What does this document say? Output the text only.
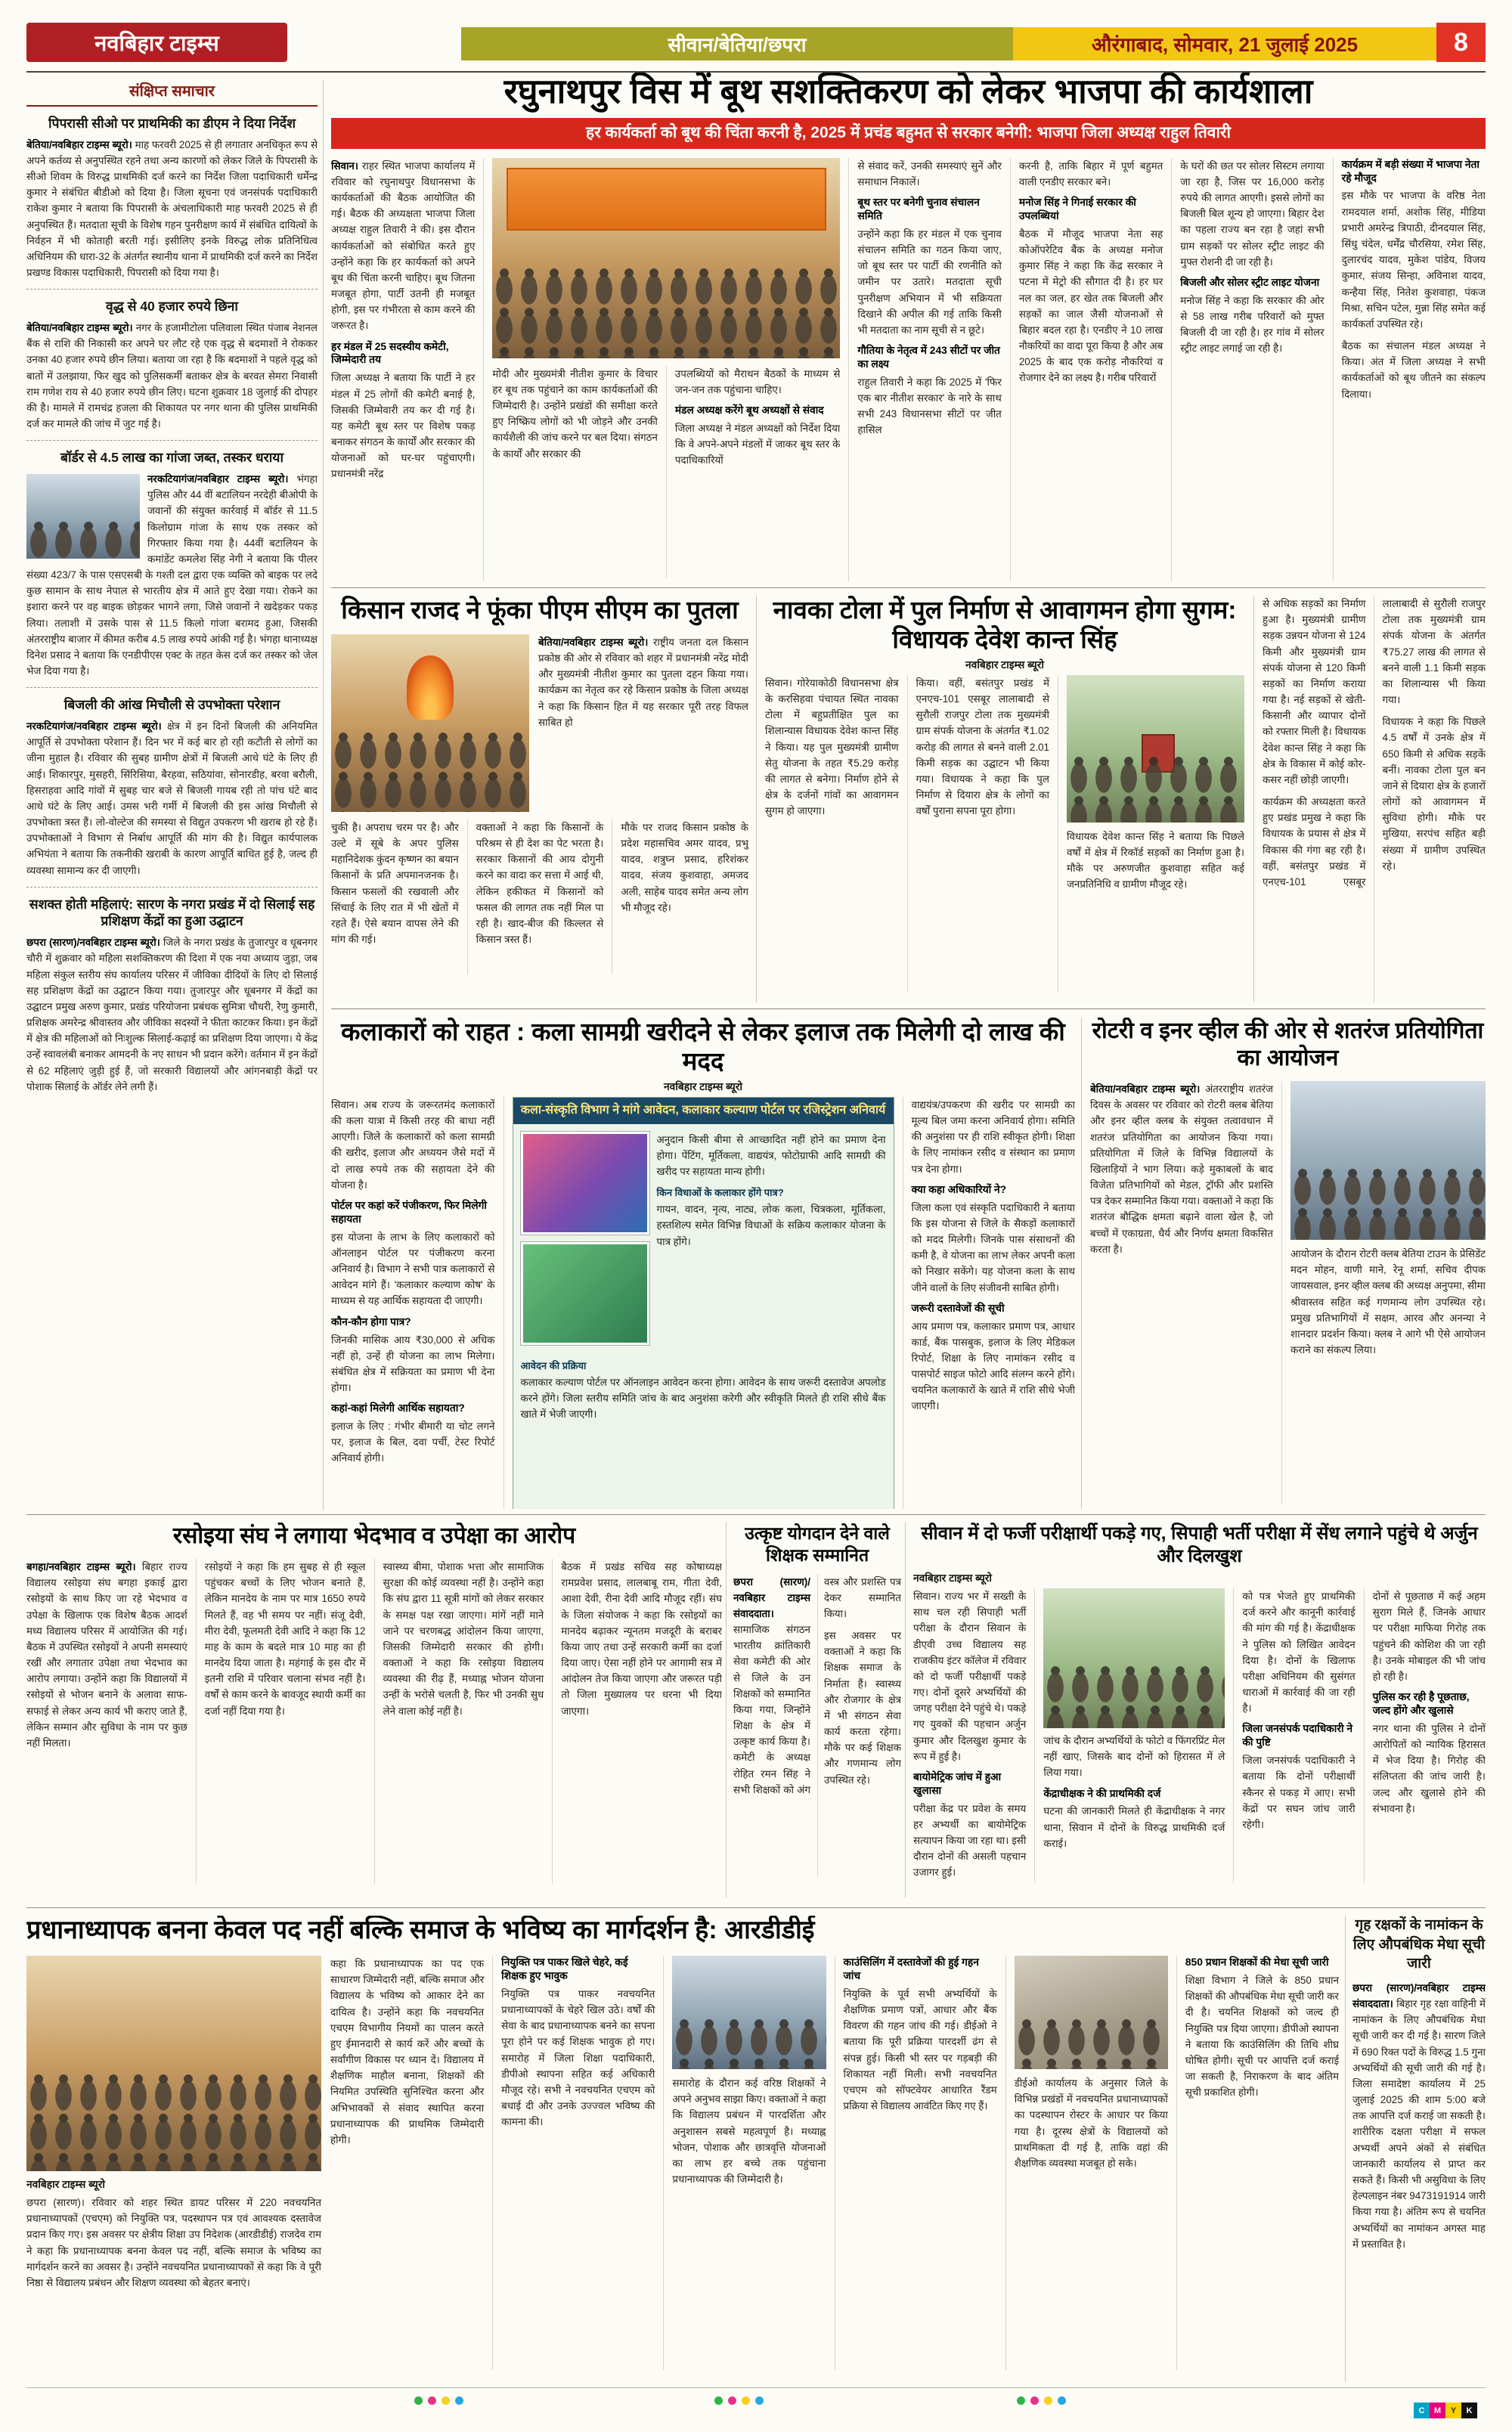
नवबिहार टाइम्स	सीवान/बेतिया/छपरा	औरंगाबाद, सोमवार, 21 जुलाई 2025	8
संक्षिप्त समाचार
पिपरासी सीओ पर प्राथमिकी का डीएम ने दिया निर्देश

बेतिया/नवबिहार टाइम्स ब्यूरो। माह फरवरी 2025 से ही लगातार अनधिकृत रूप से अपने कर्तव्य से अनुपस्थित रहने तथा अन्य कारणों को लेकर जिले के पिपरासी के सीओ शिवम के विरुद्ध प्राथमिकी दर्ज करने का निर्देश जिला पदाधिकारी धर्मेन्द्र कुमार ने संबंधित बीडीओ को दिया है। जिला सूचना एवं जनसंपर्क पदाधिकारी राकेश कुमार ने बताया कि पिपरासी के अंचलाधिकारी माह फरवरी 2025 से ही अनुपस्थित हैं। मतदाता सूची के विशेष गहन पुनरीक्षण कार्य में संबंधित दायित्वों के निर्वहन में भी कोताही बरती गई। इसीलिए इनके विरुद्ध लोक प्रतिनिधित्व अधिनियम की धारा-32 के अंतर्गत स्थानीय थाना में प्राथमिकी दर्ज करने का निर्देश प्रखण्ड विकास पदाधिकारी, पिपरासी को दिया गया है।

वृद्ध से 40 हजार रुपये छिना

बेतिया/नवबिहार टाइम्स ब्यूरो। नगर के हजामीटोला पलिवाला स्थित पंजाब नेशनल बैंक से राशि की निकासी कर अपने घर लौट रहे एक वृद्ध से बदमाशों ने रोककर उनका 40 हजार रुपये छीन लिया। बताया जा रहा है कि बदमाशों ने पहले वृद्ध को बातों में उलझाया, फिर खुद को पुलिसकर्मी बताकर क्षेत्र के बरवत सेमरा निवासी राम गणेश राय से 40 हजार रुपये छीन लिए। घटना शुक्रवार 18 जुलाई की दोपहर की है। मामले में रामचंद्र हजला की शिकायत पर नगर थाना की पुलिस प्राथमिकी दर्ज कर मामले की जांच में जुट गई है।

बॉर्डर से 4.5 लाख का गांजा जब्त, तस्कर धराया

नरकटियागंज/नवबिहार टाइम्स ब्यूरो। भंगहा पुलिस और 44 वीं बटालियन नरदेही बीओपी के जवानों की संयुक्त कार्रवाई में बॉर्डर से 11.5 किलोग्राम गांजा के साथ एक तस्कर को गिरफ्तार किया गया है। 44वीं बटालियन के कमांडेंट कमलेश सिंह नेगी ने बताया कि पीलर संख्या 423/7 के पास एसएसबी के गश्ती दल द्वारा एक व्यक्ति को बाइक पर लदे कुछ सामान के साथ नेपाल से भारतीय क्षेत्र में आते हुए देखा गया। रोकने का इशारा करने पर वह बाइक छोड़कर भागने लगा, जिसे जवानों ने खदेड़कर पकड़ लिया। तलाशी में उसके पास से 11.5 किलो गांजा बरामद हुआ, जिसकी अंतरराष्ट्रीय बाजार में कीमत करीब 4.5 लाख रुपये आंकी गई है। भंगहा थानाध्यक्ष दिनेश प्रसाद ने बताया कि एनडीपीएस एक्ट के तहत केस दर्ज कर तस्कर को जेल भेज दिया गया है।

बिजली की आंख मिचौली से उपभोक्ता परेशान

नरकटियागंज/नवबिहार टाइम्स ब्यूरो। क्षेत्र में इन दिनों बिजली की अनियमित आपूर्ति से उपभोक्ता परेशान हैं। दिन भर में कई बार हो रही कटौती से लोगों का जीना मुहाल है। रविवार की सुबह ग्रामीण क्षेत्रों में बिजली आधे घंटे के लिए ही आई। शिकारपुर, मुसहरी, सिंरिसिया, बैरहवा, सठियांवा, सोनारडीह, बरवा बरौली, हिसराहवा आदि गांवों में सुबह चार बजे से बिजली गायब रही तो पांच घंटे बाद आधे घंटे के लिए आई। उमस भरी गर्मी में बिजली की इस आंख मिचौली से उपभोक्ता त्रस्त हैं। लो-वोल्टेज की समस्या से विद्युत उपकरण भी खराब हो रहे हैं। उपभोक्ताओं ने विभाग से निर्बाध आपूर्ति की मांग की है। विद्युत कार्यपालक अभियंता ने बताया कि तकनीकी खराबी के कारण आपूर्ति बाधित हुई है, जल्द ही व्यवस्था सामान्य कर दी जाएगी।

सशक्त होती महिलाएं: सारण के नगरा प्रखंड में दो सिलाई सह प्रशिक्षण केंद्रों का हुआ उद्घाटन

छपरा (सारण)/नवबिहार टाइम्स ब्यूरो। जिले के नगरा प्रखंड के तुजारपुर व धूबनगर चौरी में शुक्रवार को महिला सशक्तिकरण की दिशा में एक नया अध्याय जुड़ा, जब महिला संकुल स्तरीय संघ कार्यालय परिसर में जीविका दीदियों के लिए दो सिलाई सह प्रशिक्षण केंद्रों का उद्घाटन किया गया। तुजारपुर और धूबनगर में केंद्रों का उद्घाटन प्रमुख अरुण कुमार, प्रखंड परियोजना प्रबंधक सुमित्रा चौधरी, रेणु कुमारी, प्रशिक्षक अमरेन्द्र श्रीवास्तव और जीविका सदस्यों ने फीता काटकर किया। इन केंद्रों में क्षेत्र की महिलाओं को निःशुल्क सिलाई-कढ़ाई का प्रशिक्षण दिया जाएगा। ये केंद्र उन्हें स्वावलंबी बनाकर आमदनी के नए साधन भी प्रदान करेंगे। वर्तमान में इन केंद्रों से 62 महिलाएं जुड़ी हुई हैं, जो सरकारी विद्यालयों और आंगनबाड़ी केंद्रों पर पोशाक सिलाई के ऑर्डर लेने लगी हैं।

रघुनाथपुर विस में बूथ सशक्तिकरण को लेकर भाजपा की कार्यशाला
हर कार्यकर्ता को बूथ की चिंता करनी है, 2025 में प्रचंड बहुमत से सरकार बनेगी: भाजपा जिला अध्यक्ष राहुल तिवारी

सिवान। राहर स्थित भाजपा कार्यालय में रविवार को रघुनाथपुर विधानसभा के कार्यकर्ताओं की बैठक आयोजित की गई। बैठक की अध्यक्षता भाजपा जिला अध्यक्ष राहुल तिवारी ने की। इस दौरान कार्यकर्ताओं को संबोधित करते हुए उन्होंने कहा कि हर कार्यकर्ता को अपने बूथ की चिंता करनी चाहिए। बूथ जितना मजबूत होगा, पार्टी उतनी ही मजबूत होगी, इस पर गंभीरता से काम करने की जरूरत है।

हर मंडल में 25 सदस्यीय कमेटी, जिम्मेदारी तय

जिला अध्यक्ष ने बताया कि पार्टी ने हर मंडल में 25 लोगों की कमेटी बनाई है, जिसकी जिम्मेवारी तय कर दी गई है। यह कमेटी बूथ स्तर पर विशेष पकड़ बनाकर संगठन के कार्यों और सरकार की योजनाओं को घर-घर पहुंचाएगी। प्रधानमंत्री नरेंद्र

मोदी और मुख्यमंत्री नीतीश कुमार के विचार हर बूथ तक पहुंचाने का काम कार्यकर्ताओं की जिम्मेदारी है। उन्होंने प्रखंडों की समीक्षा करते हुए निष्क्रिय लोगों को भी जोड़ने और उनकी कार्यशैली की जांच करने पर बल दिया। संगठन के कार्यों और सरकार की

उपलब्धियों को मैराथन बैठकों के माध्यम से जन-जन तक पहुंचाना चाहिए।

मंडल अध्यक्ष करेंगे बूथ अध्यक्षों से संवाद

जिला अध्यक्ष ने मंडल अध्यक्षों को निर्देश दिया कि वे अपने-अपने मंडलों में जाकर बूथ स्तर के पदाधिकारियों

से संवाद करें, उनकी समस्याएं सुनें और समाधान निकालें।

बूथ स्तर पर बनेगी चुनाव संचालन समिति

उन्होंने कहा कि हर मंडल में एक चुनाव संचालन समिति का गठन किया जाए, जो बूथ स्तर पर पार्टी की रणनीति को जमीन पर उतारे। मतदाता सूची पुनरीक्षण अभियान में भी सक्रियता दिखाने की अपील की गई ताकि किसी भी मतदाता का नाम सूची से न छूटे।

गौतिया के नेतृत्व में 243 सीटों पर जीत का लक्ष्य

राहुल तिवारी ने कहा कि 2025 में 'फिर एक बार नीतीश सरकार' के नारे के साथ सभी 243 विधानसभा सीटों पर जीत हासिल

करनी है, ताकि बिहार में पूर्ण बहुमत वाली एनडीए सरकार बने।

मनोज सिंह ने गिनाई सरकार की उपलब्धियां

बैठक में मौजूद भाजपा नेता सह कोऑपरेटिव बैंक के अध्यक्ष मनोज कुमार सिंह ने कहा कि केंद्र सरकार ने पटना में मेट्रो की सौगात दी है। हर घर नल का जल, हर खेत तक बिजली और सड़कों का जाल जैसी योजनाओं से बिहार बदल रहा है। एनडीए ने 10 लाख नौकरियों का वादा पूरा किया है और अब 2025 के बाद एक करोड़ नौकरियां व रोजगार देने का लक्ष्य है। गरीब परिवारों

के घरों की छत पर सोलर सिस्टम लगाया जा रहा है, जिस पर 16,000 करोड़ रुपये की लागत आएगी। इससे लोगों का बिजली बिल शून्य हो जाएगा। बिहार देश का पहला राज्य बन रहा है जहां सभी ग्राम सड़कों पर सोलर स्ट्रीट लाइट की मुफ्त रोशनी दी जा रही है।

बिजली और सोलर स्ट्रीट लाइट योजना

मनोज सिंह ने कहा कि सरकार की ओर से 58 लाख गरीब परिवारों को मुफ्त बिजली दी जा रही है। हर गांव में सोलर स्ट्रीट लाइट लगाई जा रही है।

कार्यक्रम में बड़ी संख्या में भाजपा नेता रहे मौजूद

इस मौके पर भाजपा के वरिष्ठ नेता रामदयाल शर्मा, अशोक सिंह, मीडिया प्रभारी अमरेन्द्र त्रिपाठी, दीनदयाल सिंह, सिंधु चंदेल, धर्मेंद्र चौरसिया, रमेश सिंह, दुलारचंद यादव, मुकेश पांडेय, विजय कुमार, संजय सिन्हा, अविनाश यादव, कन्हैया सिंह, नितेश कुशवाहा, पंकज मिश्रा, सचिन पटेल, मुन्ना सिंह समेत कई कार्यकर्ता उपस्थित रहे।

बैठक का संचालन मंडल अध्यक्ष ने किया। अंत में जिला अध्यक्ष ने सभी कार्यकर्ताओं को बूथ जीतने का संकल्प दिलाया।

किसान राजद ने फूंका पीएम सीएम का पुतला

बेतिया/नवबिहार टाइम्स ब्यूरो। राष्ट्रीय जनता दल किसान प्रकोष्ठ की ओर से रविवार को शहर में प्रधानमंत्री नरेंद्र मोदी और मुख्यमंत्री नीतीश कुमार का पुतला दहन किया गया। कार्यक्रम का नेतृत्व कर रहे किसान प्रकोष्ठ के जिला अध्यक्ष ने कहा कि किसान हित में यह सरकार पूरी तरह विफल साबित हो

चुकी है। अपराध चरम पर है। और उल्टे में सूबे के अपर पुलिस महानिदेशक कुंदन कृष्णन का बयान किसानों के प्रति अपमानजनक है। किसान फसलों की रखवाली और सिंचाई के लिए रात में भी खेतों में रहते हैं। ऐसे बयान वापस लेने की मांग की गई।

वक्ताओं ने कहा कि किसानों के परिश्रम से ही देश का पेट भरता है। सरकार किसानों की आय दोगुनी करने का वादा कर सत्ता में आई थी, लेकिन हकीकत में किसानों को फसल की लागत तक नहीं मिल पा रही है। खाद-बीज की किल्लत से किसान त्रस्त हैं।

मौके पर राजद किसान प्रकोष्ठ के प्रदेश महासचिव अमर यादव, प्रभु यादव, शत्रुघ्न प्रसाद, हरिशंकर यादव, संजय कुशवाहा, अमजद अली, साहेब यादव समेत अन्य लोग भी मौजूद रहे।

नावका टोला में पुल निर्माण से आवागमन होगा सुगम: विधायक देवेश कान्त सिंह

नवबिहार टाइम्स ब्यूरो

सिवान। गोरेयाकोठी विधानसभा क्षेत्र के करसिहवा पंचायत स्थित नावका टोला में बहुप्रतीक्षित पुल का शिलान्यास विधायक देवेश कान्त सिंह ने किया। यह पुल मुख्यमंत्री ग्रामीण सेतु योजना के तहत ₹5.29 करोड़ की लागत से बनेगा। निर्माण होने से क्षेत्र के दर्जनों गांवों का आवागमन सुगम हो जाएगा।

किया। वहीं, बसंतपुर प्रखंड में एनएच-101 एसबूर लालाबादी से सुरौली राजपुर टोला तक मुख्यमंत्री ग्राम संपर्क योजना के अंतर्गत ₹1.02 करोड़ की लागत से बनने वाली 2.01 किमी सड़क का उद्घाटन भी किया गया। विधायक ने कहा कि पुल निर्माण से दियारा क्षेत्र के लोगों का वर्षों पुराना सपना पूरा होगा।

विधायक देवेश कान्त सिंह ने बताया कि पिछले वर्षों में क्षेत्र में रिकॉर्ड सड़कों का निर्माण हुआ है। मौके पर अरुणजीत कुशवाहा सहित कई जनप्रतिनिधि व ग्रामीण मौजूद रहे।

से अधिक सड़कों का निर्माण हुआ है। मुख्यमंत्री ग्रामीण सड़क उन्नयन योजना से 124 किमी और मुख्यमंत्री ग्राम संपर्क योजना से 120 किमी सड़कों का निर्माण कराया गया है। नई सड़कों से खेती-किसानी और व्यापार दोनों को रफ्तार मिली है। विधायक देवेश कान्त सिंह ने कहा कि क्षेत्र के विकास में कोई कोर-कसर नहीं छोड़ी जाएगी।

कार्यक्रम की अध्यक्षता करते हुए प्रखंड प्रमुख ने कहा कि विधायक के प्रयास से क्षेत्र में विकास की गंगा बह रही है। वहीं, बसंतपुर प्रखंड में एनएच-101 एसबूर लालाबादी से सुरौली राजपुर टोला तक मुख्यमंत्री ग्राम संपर्क योजना के अंतर्गत ₹75.27 लाख की लागत से बनने वाली 1.1 किमी सड़क का शिलान्यास भी किया गया।

विधायक ने कहा कि पिछले 4.5 वर्षों में उनके क्षेत्र में 650 किमी से अधिक सड़कें बनीं। नावका टोला पुल बन जाने से दियारा क्षेत्र के हजारों लोगों को आवागमन में सुविधा होगी। मौके पर मुखिया, सरपंच सहित बड़ी संख्या में ग्रामीण उपस्थित रहे।

कलाकारों को राहत : कला सामग्री खरीदने से लेकर इलाज तक मिलेगी दो लाख की मदद

नवबिहार टाइम्स ब्यूरो

सिवान। अब राज्य के जरूरतमंद कलाकारों की कला यात्रा में किसी तरह की बाधा नहीं आएगी। जिले के कलाकारों को कला सामग्री की खरीद, इलाज और अध्ययन जैसे मदों में दो लाख रुपये तक की सहायता देने की योजना है।

पोर्टल पर कहां करें पंजीकरण, फिर मिलेगी सहायता

इस योजना के लाभ के लिए कलाकारों को ऑनलाइन पोर्टल पर पंजीकरण करना अनिवार्य है। विभाग ने सभी पात्र कलाकारों से आवेदन मांगे हैं। 'कलाकार कल्याण कोष' के माध्यम से यह आर्थिक सहायता दी जाएगी।

कौन-कौन होगा पात्र?

जिनकी मासिक आय ₹30,000 से अधिक नहीं हो, उन्हें ही योजना का लाभ मिलेगा। संबंधित क्षेत्र में सक्रियता का प्रमाण भी देना होगा।

कहां-कहां मिलेगी आर्थिक सहायता?

इलाज के लिए : गंभीर बीमारी या चोट लगने पर, इलाज के बिल, दवा पर्ची, टेस्ट रिपोर्ट अनिवार्य होगी।

कला-संस्कृति विभाग ने मांगे आवेदन, कलाकार कल्याण पोर्टल पर रजिस्ट्रेशन अनिवार्य

अनुदान किसी बीमा से आच्छादित नहीं होने का प्रमाण देना होगा। पेंटिंग, मूर्तिकला, वाद्ययंत्र, फोटोग्राफी आदि सामग्री की खरीद पर सहायता मान्य होगी।

किन विधाओं के कलाकार होंगे पात्र?

गायन, वादन, नृत्य, नाट्य, लोक कला, चित्रकला, मूर्तिकला, हस्तशिल्प समेत विभिन्न विधाओं के सक्रिय कलाकार योजना के पात्र होंगे।

आवेदन की प्रक्रिया

कलाकार कल्याण पोर्टल पर ऑनलाइन आवेदन करना होगा। आवेदन के साथ जरूरी दस्तावेज अपलोड करने होंगे। जिला स्तरीय समिति जांच के बाद अनुशंसा करेगी और स्वीकृति मिलते ही राशि सीधे बैंक खाते में भेजी जाएगी।

वाद्ययंत्र/उपकरण की खरीद पर सामग्री का मूल्य बिल जमा करना अनिवार्य होगा। समिति की अनुशंसा पर ही राशि स्वीकृत होगी। शिक्षा के लिए नामांकन रसीद व संस्थान का प्रमाण पत्र देना होगा।

क्या कहा अधिकारियों ने?

जिला कला एवं संस्कृति पदाधिकारी ने बताया कि इस योजना से जिले के सैकड़ों कलाकारों को मदद मिलेगी। जिनके पास संसाधनों की कमी है, वे योजना का लाभ लेकर अपनी कला को निखार सकेंगे। यह योजना कला के साथ जीने वालों के लिए संजीवनी साबित होगी।

जरूरी दस्तावेजों की सूची

आय प्रमाण पत्र, कलाकार प्रमाण पत्र, आधार कार्ड, बैंक पासबुक, इलाज के लिए मेडिकल रिपोर्ट, शिक्षा के लिए नामांकन रसीद व पासपोर्ट साइज फोटो आदि संलग्न करने होंगे। चयनित कलाकारों के खाते में राशि सीधे भेजी जाएगी।

रोटरी व इनर व्हील की ओर से शतरंज प्रतियोगिता का आयोजन

बेतिया/नवबिहार टाइम्स ब्यूरो। अंतरराष्ट्रीय शतरंज दिवस के अवसर पर रविवार को रोटरी क्लब बेतिया और इनर व्हील क्लब के संयुक्त तत्वावधान में शतरंज प्रतियोगिता का आयोजन किया गया। प्रतियोगिता में जिले के विभिन्न विद्यालयों के खिलाड़ियों ने भाग लिया। कड़े मुकाबलों के बाद विजेता प्रतिभागियों को मेडल, ट्रॉफी और प्रशस्ति पत्र देकर सम्मानित किया गया। वक्ताओं ने कहा कि शतरंज बौद्धिक क्षमता बढ़ाने वाला खेल है, जो बच्चों में एकाग्रता, धैर्य और निर्णय क्षमता विकसित करता है।	आयोजन के दौरान रोटरी क्लब बेतिया टाउन के प्रेसिडेंट मदन मोहन, वाणी माने, रेनू शर्मा, सचिव दीपक जायसवाल, इनर व्हील क्लब की अध्यक्ष अनुपमा, सीमा श्रीवास्तव सहित कई गणमान्य लोग उपस्थित रहे। प्रमुख प्रतिभागियों में सक्षम, आरव और अनन्या ने शानदार प्रदर्शन किया। क्लब ने आगे भी ऐसे आयोजन कराने का संकल्प लिया।

रसोइया संघ ने लगाया भेदभाव व उपेक्षा का आरोप

बगहा/नवबिहार टाइम्स ब्यूरो। बिहार राज्य विद्यालय रसोइया संघ बगहा इकाई द्वारा रसोइयों के साथ किए जा रहे भेदभाव व उपेक्षा के खिलाफ एक विशेष बैठक आदर्श मध्य विद्यालय परिसर में आयोजित की गई। बैठक में उपस्थित रसोइयों ने अपनी समस्याएं रखीं और लगातार उपेक्षा तथा भेदभाव का आरोप लगाया। उन्होंने कहा कि विद्यालयों में रसोइयों से भोजन बनाने के अलावा साफ-सफाई से लेकर अन्य कार्य भी कराए जाते हैं, लेकिन सम्मान और सुविधा के नाम पर कुछ नहीं मिलता।

रसोइयों ने कहा कि हम सुबह से ही स्कूल पहुंचकर बच्चों के लिए भोजन बनाते हैं, लेकिन मानदेय के नाम पर मात्र 1650 रुपये मिलते हैं, वह भी समय पर नहीं। संजू देवी, मीरा देवी, फूलमती देवी आदि ने कहा कि 12 माह के काम के बदले मात्र 10 माह का ही मानदेय दिया जाता है। महंगाई के इस दौर में इतनी राशि में परिवार चलाना संभव नहीं है। वर्षों से काम करने के बावजूद स्थायी कर्मी का दर्जा नहीं दिया गया है।

स्वास्थ्य बीमा, पोशाक भत्ता और सामाजिक सुरक्षा की कोई व्यवस्था नहीं है। उन्होंने कहा कि संघ द्वारा 11 सूत्री मांगों को लेकर सरकार के समक्ष पक्ष रखा जाएगा। मांगें नहीं माने जाने पर चरणबद्ध आंदोलन किया जाएगा, जिसकी जिम्मेदारी सरकार की होगी। वक्ताओं ने कहा कि रसोइया विद्यालय व्यवस्था की रीढ़ हैं, मध्याह्न भोजन योजना उन्हीं के भरोसे चलती है, फिर भी उनकी सुध लेने वाला कोई नहीं है।

बैठक में प्रखंड सचिव सह कोषाध्यक्ष रामप्रवेश प्रसाद, लालबाबू राम, गीता देवी, आशा देवी, रीना देवी आदि मौजूद रहीं। संघ के जिला संयोजक ने कहा कि रसोइयों का मानदेय बढ़ाकर न्यूनतम मजदूरी के बराबर किया जाए तथा उन्हें सरकारी कर्मी का दर्जा दिया जाए। ऐसा नहीं होने पर आगामी सत्र में आंदोलन तेज किया जाएगा और जरूरत पड़ी तो जिला मुख्यालय पर धरना भी दिया जाएगा।

उत्कृष्ट योगदान देने वाले शिक्षक सम्मानित

छपरा (सारण)/नवबिहार टाइम्स संवाददाता। सामाजिक संगठन भारतीय क्रांतिकारी सेवा कमेटी की ओर से जिले के उन शिक्षकों को सम्मानित किया गया, जिन्होंने शिक्षा के क्षेत्र में उत्कृष्ट कार्य किया है। कमेटी के अध्यक्ष रोहित रमन सिंह ने सभी शिक्षकों को अंग वस्त्र और प्रशस्ति पत्र देकर सम्मानित किया।

इस अवसर पर वक्ताओं ने कहा कि शिक्षक समाज के निर्माता हैं। स्वास्थ्य और रोजगार के क्षेत्र में भी संगठन सेवा कार्य करता रहेगा। मौके पर कई शिक्षक और गणमान्य लोग उपस्थित रहे।

सीवान में दो फर्जी परीक्षार्थी पकड़े गए, सिपाही भर्ती परीक्षा में सेंध लगाने पहुंचे थे अर्जुन और दिलखुश

नवबिहार टाइम्स ब्यूरो

सिवान। राज्य भर में सख्ती के साथ चल रही सिपाही भर्ती परीक्षा के दौरान सिवान के डीएवी उच्च विद्यालय सह राजकीय इंटर कॉलेज में रविवार को दो फर्जी परीक्षार्थी पकड़े गए। दोनों दूसरे अभ्यर्थियों की जगह परीक्षा देने पहुंचे थे। पकड़े गए युवकों की पहचान अर्जुन कुमार और दिलखुश कुमार के रूप में हुई है।

बायोमेट्रिक जांच में हुआ खुलासा

परीक्षा केंद्र पर प्रवेश के समय हर अभ्यर्थी का बायोमेट्रिक सत्यापन किया जा रहा था। इसी दौरान दोनों की असली पहचान उजागर हुई।

जांच के दौरान अभ्यर्थियों के फोटो व फिंगरप्रिंट मेल नहीं खाए, जिसके बाद दोनों को हिरासत में ले लिया गया।

केंद्राधीक्षक ने की प्राथमिकी दर्ज

घटना की जानकारी मिलते ही केंद्राधीक्षक ने नगर थाना, सिवान में दोनों के विरुद्ध प्राथमिकी दर्ज कराई।

को पत्र भेजते हुए प्राथमिकी दर्ज करने और कानूनी कार्रवाई की मांग की गई है। केंद्राधीक्षक ने पुलिस को लिखित आवेदन दिया है। दोनों के खिलाफ परीक्षा अधिनियम की सुसंगत धाराओं में कार्रवाई की जा रही है।

जिला जनसंपर्क पदाधिकारी ने की पुष्टि

जिला जनसंपर्क पदाधिकारी ने बताया कि दोनों परीक्षार्थी स्कैनर से पकड़ में आए। सभी केंद्रों पर सघन जांच जारी रहेगी।

दोनों से पूछताछ में कई अहम सुराग मिले हैं, जिनके आधार पर परीक्षा माफिया गिरोह तक पहुंचने की कोशिश की जा रही है। उनके मोबाइल की भी जांच हो रही है।

पुलिस कर रही है पूछताछ, जल्द होंगे और खुलासे

नगर थाना की पुलिस ने दोनों आरोपितों को न्यायिक हिरासत में भेज दिया है। गिरोह की संलिप्तता की जांच जारी है। जल्द और खुलासे होने की संभावना है।

प्रधानाध्यापक बनना केवल पद नहीं बल्कि समाज के भविष्य का मार्गदर्शन है: आरडीडीई

नवबिहार टाइम्स ब्यूरो

छपरा (सारण)। रविवार को शहर स्थित डायट परिसर में 220 नवचयनित प्रधानाध्यापकों (एचएम) को नियुक्ति पत्र, पदस्थापन पत्र एवं आवश्यक दस्तावेज प्रदान किए गए। इस अवसर पर क्षेत्रीय शिक्षा उप निदेशक (आरडीडीई) राजदेव राम ने कहा कि प्रधानाध्यापक बनना केवल पद नहीं, बल्कि समाज के भविष्य का मार्गदर्शन करने का अवसर है। उन्होंने नवचयनित प्रधानाध्यापकों से कहा कि वे पूरी निष्ठा से विद्यालय प्रबंधन और शिक्षण व्यवस्था को बेहतर बनाएं।

कहा कि प्रधानाध्यापक का पद एक साधारण जिम्मेदारी नहीं, बल्कि समाज और विद्यालय के भविष्य को आकार देने का दायित्व है। उन्होंने कहा कि नवचयनित एचएम विभागीय नियमों का पालन करते हुए ईमानदारी से कार्य करें और बच्चों के सर्वांगीण विकास पर ध्यान दें। विद्यालय में शैक्षणिक माहौल बनाना, शिक्षकों की नियमित उपस्थिति सुनिश्चित करना और अभिभावकों से संवाद स्थापित करना प्रधानाध्यापक की प्राथमिक जिम्मेदारी होगी।

नियुक्ति पत्र पाकर खिले चेहरे, कई शिक्षक हुए भावुक

नियुक्ति पत्र पाकर नवचयनित प्रधानाध्यापकों के चेहरे खिल उठे। वर्षों की सेवा के बाद प्रधानाध्यापक बनने का सपना पूरा होने पर कई शिक्षक भावुक हो गए। समारोह में जिला शिक्षा पदाधिकारी, डीपीओ स्थापना सहित कई अधिकारी मौजूद रहे। सभी ने नवचयनित एचएम को बधाई दी और उनके उज्ज्वल भविष्य की कामना की।

समारोह के दौरान कई वरिष्ठ शिक्षकों ने अपने अनुभव साझा किए। वक्ताओं ने कहा कि विद्यालय प्रबंधन में पारदर्शिता और अनुशासन सबसे महत्वपूर्ण है। मध्याह्न भोजन, पोशाक और छात्रवृत्ति योजनाओं का लाभ हर बच्चे तक पहुंचाना प्रधानाध्यापक की जिम्मेदारी है।

काउंसिलिंग में दस्तावेजों की हुई गहन जांच

नियुक्ति के पूर्व सभी अभ्यर्थियों के शैक्षणिक प्रमाण पत्रों, आधार और बैंक विवरण की गहन जांच की गई। डीईओ ने बताया कि पूरी प्रक्रिया पारदर्शी ढंग से संपन्न हुई। किसी भी स्तर पर गड़बड़ी की शिकायत नहीं मिली। सभी नवचयनित एचएम को सॉफ्टवेयर आधारित रैंडम प्रक्रिया से विद्यालय आवंटित किए गए हैं।

डीईओ कार्यालय के अनुसार जिले के विभिन्न प्रखंडों में नवचयनित प्रधानाध्यापकों का पदस्थापन रोस्टर के आधार पर किया गया है। दूरस्थ क्षेत्रों के विद्यालयों को प्राथमिकता दी गई है, ताकि वहां की शैक्षणिक व्यवस्था मजबूत हो सके।

850 प्रधान शिक्षकों की मेधा सूची जारी

शिक्षा विभाग ने जिले के 850 प्रधान शिक्षकों की औपबंधिक मेधा सूची जारी कर दी है। चयनित शिक्षकों को जल्द ही नियुक्ति पत्र दिया जाएगा। डीपीओ स्थापना ने बताया कि काउंसिलिंग की तिथि शीघ्र घोषित होगी। सूची पर आपत्ति दर्ज कराई जा सकती है, निराकरण के बाद अंतिम सूची प्रकाशित होगी।

गृह रक्षकों के नामांकन के लिए औपबंधिक मेधा सूची जारी

छपरा (सारण)/नवबिहार टाइम्स संवाददाता। बिहार गृह रक्षा वाहिनी में नामांकन के लिए औपबंधिक मेधा सूची जारी कर दी गई है। सारण जिले में 690 रिक्त पदों के विरुद्ध 1.5 गुना अभ्यर्थियों की सूची जारी की गई है। जिला समादेष्टा कार्यालय में 25 जुलाई 2025 की शाम 5:00 बजे तक आपत्ति दर्ज कराई जा सकती है। शारीरिक दक्षता परीक्षा में सफल अभ्यर्थी अपने अंकों से संबंधित जानकारी कार्यालय से प्राप्त कर सकते हैं। किसी भी असुविधा के लिए हेल्पलाइन नंबर 9473191914 जारी किया गया है। अंतिम रूप से चयनित अभ्यर्थियों का नामांकन अगस्त माह में प्रस्तावित है।

C	M	Y	K
